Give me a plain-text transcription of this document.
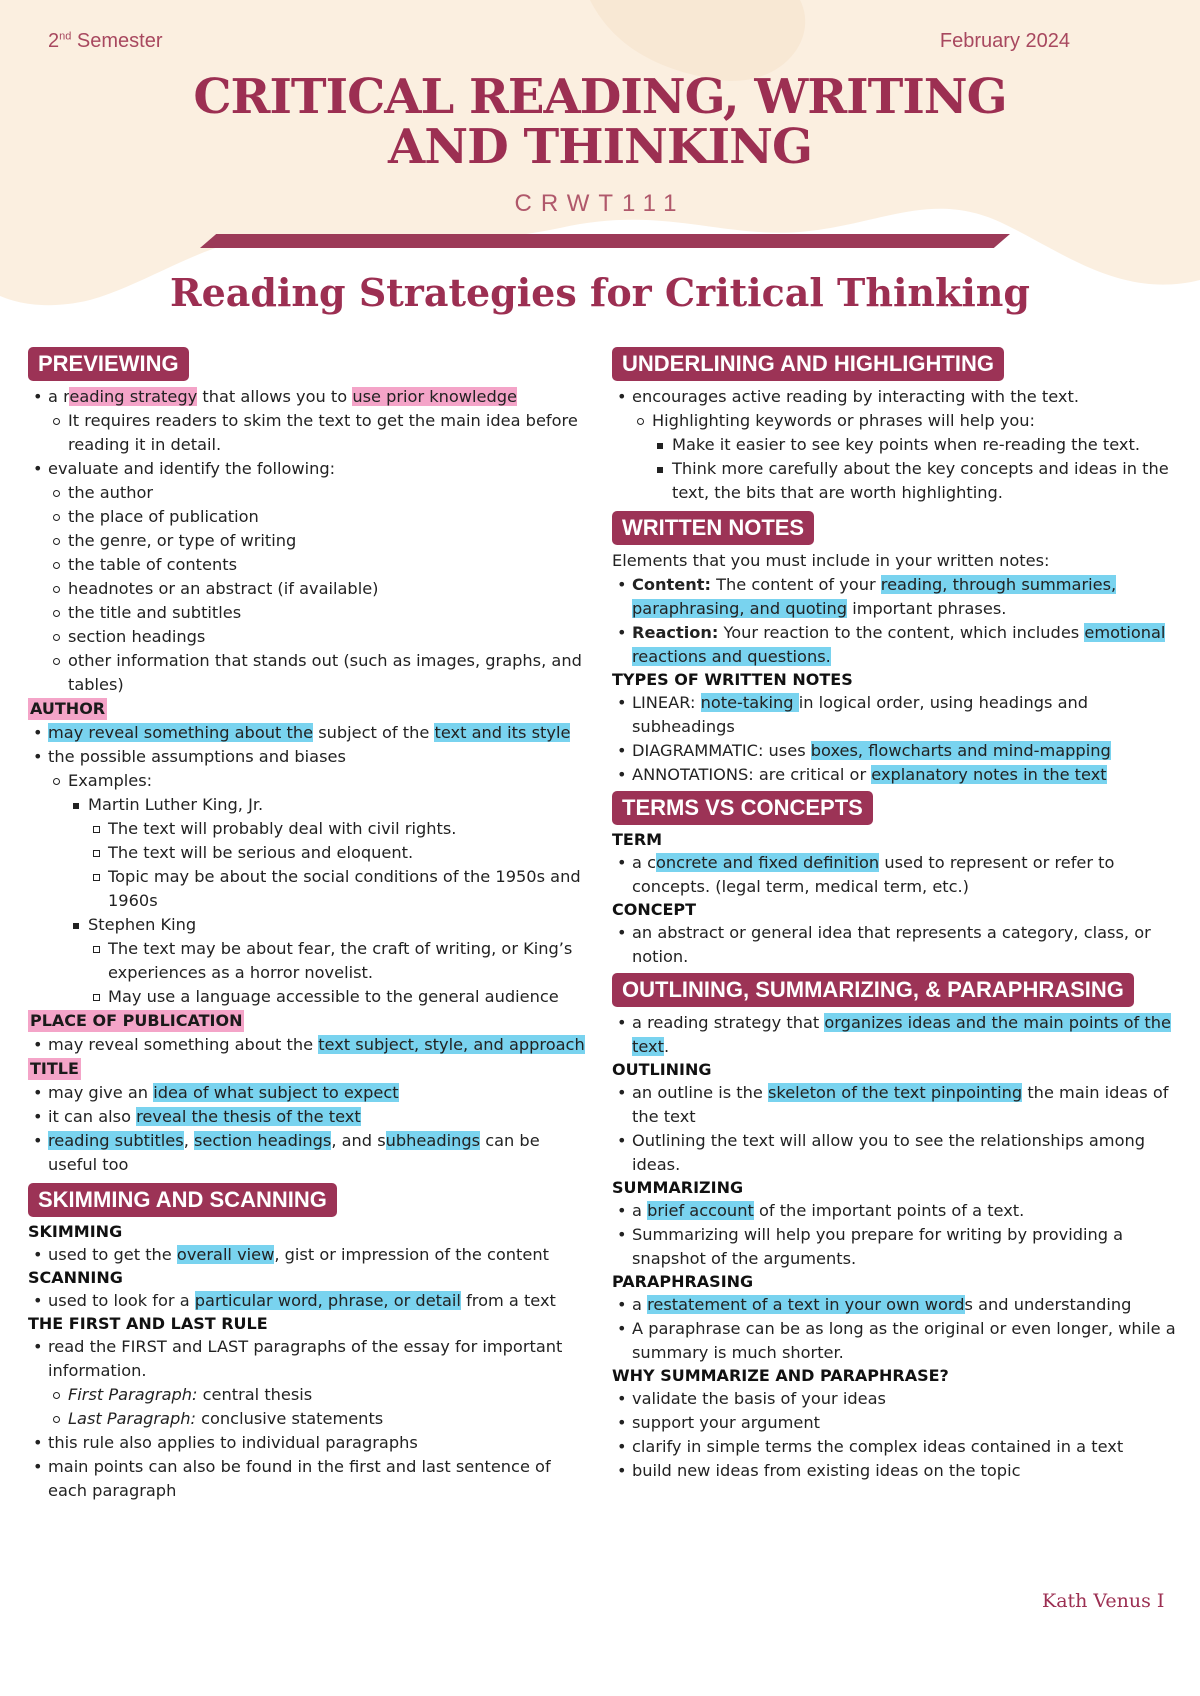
2nd Semester	February 2024
CRITICAL READING, WRITING
AND THINKING
CRWT111
Reading Strategies for Critical Thinking
PREVIEWING
• a reading strategy that allows you to use prior knowledge
It requires readers to skim the text to get the main idea before reading it in detail.
• evaluate and identify the following:
the author
the place of publication
the genre, or type of writing
the table of contents
headnotes or an abstract (if available)
the title and subtitles
section headings
other information that stands out (such as images, graphs, and tables)
AUTHOR
• may reveal something about the subject of the text and its style
• the possible assumptions and biases
Examples:
Martin Luther King, Jr.
The text will probably deal with civil rights.
The text will be serious and eloquent.
Topic may be about the social conditions of the 1950s and 1960s
Stephen King
The text may be about fear, the craft of writing, or King’s experiences as a horror novelist.
May use a language accessible to the general audience
PLACE OF PUBLICATION
• may reveal something about the text subject, style, and approach
TITLE
• may give an idea of what subject to expect
• it can also reveal the thesis of the text
• reading subtitles, section headings, and subheadings can be useful too
SKIMMING AND SCANNING
SKIMMING
• used to get the overall view, gist or impression of the content
SCANNING
• used to look for a particular word, phrase, or detail from a text
THE FIRST AND LAST RULE
• read the FIRST and LAST paragraphs of the essay for important information.
First Paragraph: central thesis
Last Paragraph: conclusive statements
• this rule also applies to individual paragraphs
• main points can also be found in the first and last sentence of each paragraph
UNDERLINING AND HIGHLIGHTING
• encourages active reading by interacting with the text.
Highlighting keywords or phrases will help you:
Make it easier to see key points when re-reading the text.
Think more carefully about the key concepts and ideas in the text, the bits that are worth highlighting.
WRITTEN NOTES

Elements that you must include in your written notes:

• Content: The content of your reading, through summaries, paraphrasing, and quoting important phrases.
• Reaction: Your reaction to the content, which includes emotional reactions and questions.
TYPES OF WRITTEN NOTES
• LINEAR: note-taking in logical order, using headings and subheadings
• DIAGRAMMATIC: uses boxes, flowcharts and mind-mapping
• ANNOTATIONS: are critical or explanatory notes in the text
TERMS VS CONCEPTS
TERM
• a concrete and fixed definition used to represent or refer to concepts. (legal term, medical term, etc.)
CONCEPT
• an abstract or general idea that represents a category, class, or notion.
OUTLINING, SUMMARIZING, & PARAPHRASING
• a reading strategy that organizes ideas and the main points of the text.
OUTLINING
• an outline is the skeleton of the text pinpointing the main ideas of the text
• Outlining the text will allow you to see the relationships among ideas.
SUMMARIZING
• a brief account of the important points of a text.
• Summarizing will help you prepare for writing by providing a snapshot of the arguments.
PARAPHRASING
• a restatement of a text in your own words and understanding
• A paraphrase can be as long as the original or even longer, while a summary is much shorter.
WHY SUMMARIZE AND PARAPHRASE?
• validate the basis of your ideas
• support your argument
• clarify in simple terms the complex ideas contained in a text
• build new ideas from existing ideas on the topic
Kath Venus I
